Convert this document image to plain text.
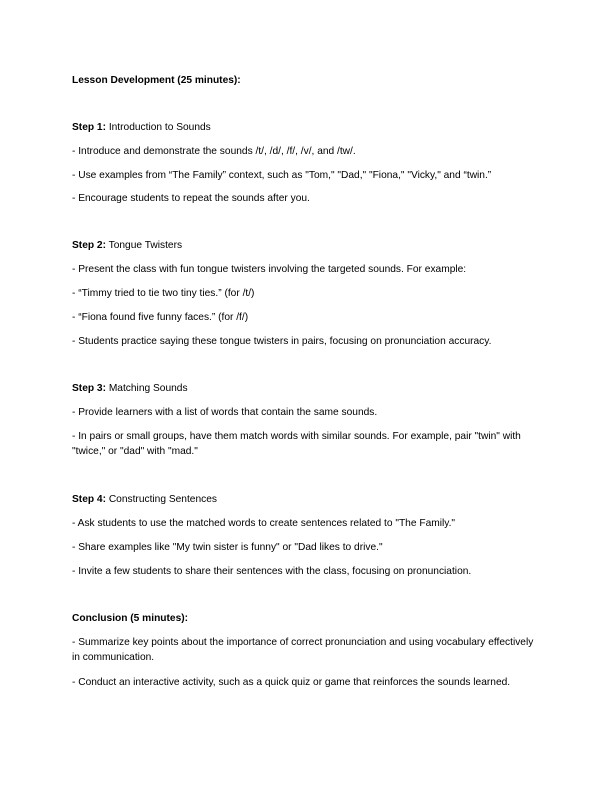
Lesson Development (25 minutes):
Step 1: Introduction to Sounds
- Introduce and demonstrate the sounds /t/, /d/, /f/, /v/, and /tw/.
- Use examples from “The Family” context, such as "Tom," "Dad," "Fiona," "Vicky," and “twin.”
- Encourage students to repeat the sounds after you.
Step 2: Tongue Twisters
- Present the class with fun tongue twisters involving the targeted sounds. For example:
- “Timmy tried to tie two tiny ties.” (for /t/)
- “Fiona found five funny faces.” (for /f/)
- Students practice saying these tongue twisters in pairs, focusing on pronunciation accuracy.
Step 3: Matching Sounds
- Provide learners with a list of words that contain the same sounds.
- In pairs or small groups, have them match words with similar sounds. For example, pair "twin" with "twice," or "dad" with "mad."
Step 4: Constructing Sentences
- Ask students to use the matched words to create sentences related to "The Family."
- Share examples like "My twin sister is funny" or "Dad likes to drive."
- Invite a few students to share their sentences with the class, focusing on pronunciation.
Conclusion (5 minutes):
- Summarize key points about the importance of correct pronunciation and using vocabulary effectively in communication.
- Conduct an interactive activity, such as a quick quiz or game that reinforces the sounds learned.
